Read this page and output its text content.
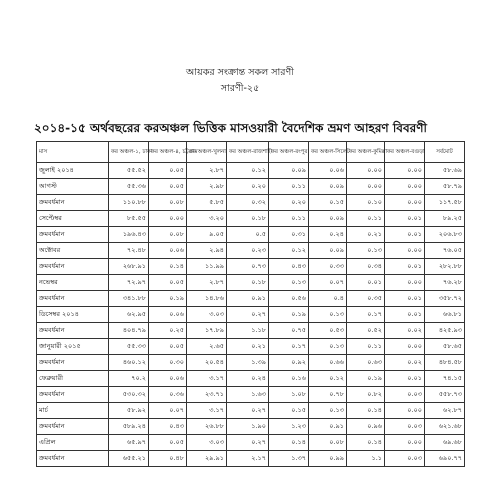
আয়কর সংক্রান্ত সকল সারণী
সারণী-২৫
২০১৪-১৫ অর্থবছরের করঅঞ্চল ভিত্তিক মাসওয়ারী বৈদেশিক ভ্রমণ আহরণ বিবরণী
মাস	কর অঞ্চল-১, ঢাকা	কর অঞ্চল-৪, চট্টগ্রাম	কর অঞ্চল-খুলনা	কর অঞ্চল-রাজশাহী	কর অঞ্চল-রংপুর	কর অঞ্চল-সিলেট	কর অঞ্চল-কুমিল্লা	কর অঞ্চল-বগুড়া	সর্বমোট
জুলাই ২০১৪	৫৫.৫২	০.০৫	২.৮৭	০.১২	০.০৯	০.০৬	০.০০	০.০০	৫৮.৬৯
আগস্ট	৫৫.৩৬	০.০৫	২.৯৮	০.২০	০.১১	০.০৯	০.০০	০.০০	৫৮.৭৯
ক্রমবর্ধমান	১১০.৮৮	০.০৮	৫.৮৫	০.৩২	০.২০	০.১৫	০.১০	০.০০	১১৭.৫৮
সেপ্টেম্বর	৮৫.৫৫	০.০০	৩.২০	০.১৮	০.১১	০.০৯	০.১১	০.০১	৮৯.২৫
ক্রমবর্ধমান	১৯৬.৪৩	০.০৮	৯.০৫	০.৫	০.৩১	০.২৪	০.২১	০.০১	২০৬.৮৩
অক্টোবর	৭২.৪৮	০.০৬	২.৯৪	০.২৩	০.১২	০.০৯	০.১৩	০.০০	৭৬.০৫
ক্রমবর্ধমান	২৬৮.৯১	০.১৪	১১.৯৯	০.৭৩	০.৪৩	০.৩৩	০.৩৪	০.০১	২৮২.৮৮
নভেম্বর	৭২.৯৭	০.০৫	২.৮৭	০.১৮	০.১৩	০.০৭	০.০১	০.০০	৭৬.২৮
ক্রমবর্ধমান	৩৪১.৮৮	০.১৯	১৪.৮৬	০.৯১	০.৫৬	০.৪	০.৩৫	০.০১	৩৫৮.৭২
ডিসেম্বর ২০১৪	৬২.৯৫	০.০৬	৩.০৩	০.২৭	০.১৯	০.১৩	০.১৭	০.০১	৬৬.৮১
ক্রমবর্ধমান	৪০৪.৭৯	০.২৫	১৭.৮৯	১.১৮	০.৭৫	০.৫৩	০.৫২	০.০২	৪২৫.৯৩
জানুয়ারী ২০১৫	৫৫.৩৩	০.০৫	২.৬৫	০.২১	০.১৭	০.১৩	০.১১	০.০০	৫৮.৬৫
ক্রমবর্ধমান	৪৬০.১২	০.৩০	২০.৫৪	১.৩৯	০.৯২	০.৬৬	০.৬৩	০.০২	৪৮৪.৫৮
ফেব্রুয়ারী	৭০.২	০.০৬	৩.১৭	০.২৪	০.১৬	০.১২	০.১৯	০.০১	৭৪.১৫
ক্রমবর্ধমান	৫৩০.৩২	০.৩৬	২৩.৭১	১.৬৩	১.০৮	০.৭৮	০.৮২	০.০৩	৫৫৮.৭৩
মার্চ	৫৮.৯২	০.০৭	৩.১৭	০.২৭	০.১৫	০.১৩	০.১৪	০.০০	৬২.৮৭
ক্রমবর্ধমান	৫৮৯.২৪	০.৪৩	২৬.৮৮	১.৯০	১.২৩	০.৯১	০.৯৬	০.০৩	৬২১.৬৮
এপ্রিল	৬৫.৯৭	০.০৫	৩.০৩	০.২৭	০.১৪	০.০৮	০.১৪	০.০০	৬৯.৬৮
ক্রমবর্ধমান	৬৫৫.২১	০.৪৮	২৯.৯১	২.১৭	১.৩৭	০.৯৯	১.১	০.০৩	৬৯০.৭৭
